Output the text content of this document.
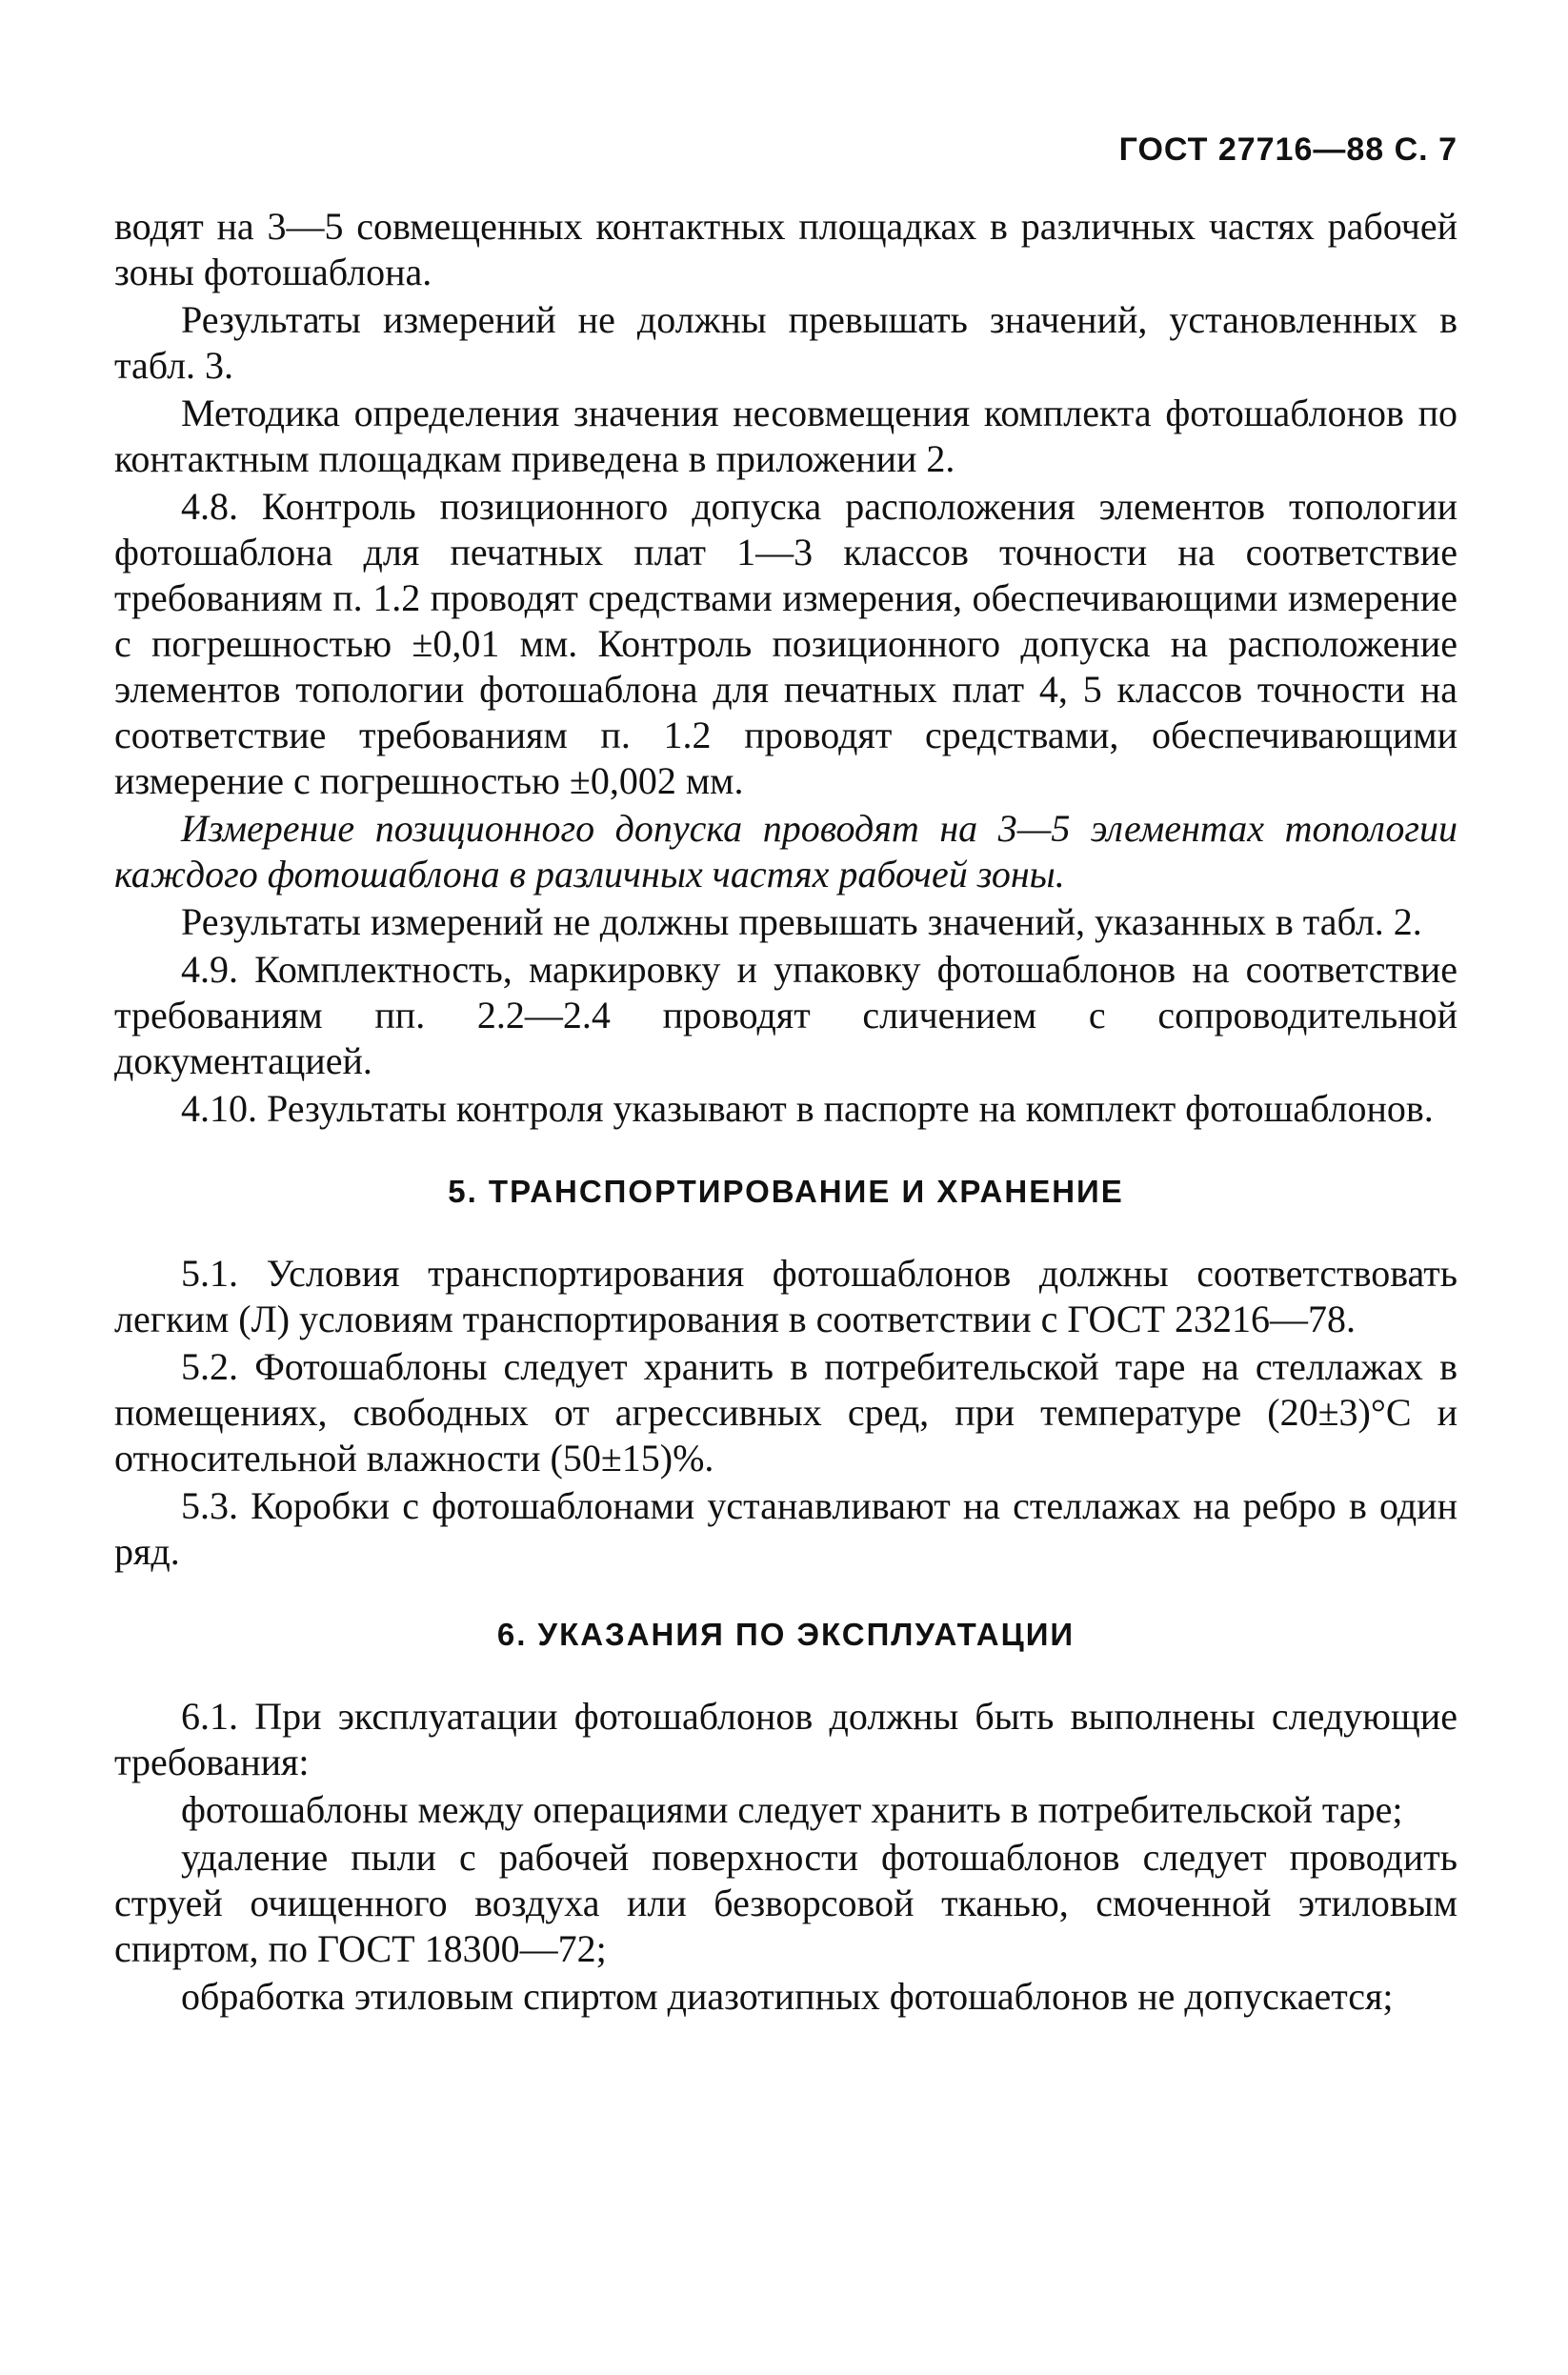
ГОСТ 27716—88 С. 7

водят на 3—5 совмещенных контактных площадках в различных частях рабочей зоны фотошаблона.

Результаты измерений не должны превышать значений, установленных в табл. 3.

Методика определения значения несовмещения комплекта фотошаблонов по контактным площадкам приведена в приложении 2.

4.8. Контроль позиционного допуска расположения элементов топологии фотошаблона для печатных плат 1—3 классов точности на соответствие требованиям п. 1.2 проводят средствами измерения, обеспечивающими измерение с погрешностью ±0,01 мм. Контроль позиционного допуска на расположение элементов топологии фотошаблона для печатных плат 4, 5 классов точности на соответствие требованиям п. 1.2 проводят средствами, обеспечивающими измерение с погрешностью ±0,002 мм.

Измерение позиционного допуска проводят на 3—5 элементах топологии каждого фотошаблона в различных частях рабочей зоны.

Результаты измерений не должны превышать значений, указанных в табл. 2.

4.9. Комплектность, маркировку и упаковку фотошаблонов на соответствие требованиям пп. 2.2—2.4 проводят сличением с сопроводительной документацией.

4.10. Результаты контроля указывают в паспорте на комплект фотошаблонов.

5. ТРАНСПОРТИРОВАНИЕ И ХРАНЕНИЕ

5.1. Условия транспортирования фотошаблонов должны соответствовать легким (Л) условиям транспортирования в соответствии с ГОСТ 23216—78.

5.2. Фотошаблоны следует хранить в потребительской таре на стеллажах в помещениях, свободных от агрессивных сред, при температуре (20±3)°С и относительной влажности (50±15)%.

5.3. Коробки с фотошаблонами устанавливают на стеллажах на ребро в один ряд.

6. УКАЗАНИЯ ПО ЭКСПЛУАТАЦИИ

6.1. При эксплуатации фотошаблонов должны быть выполнены следующие требования:

фотошаблоны между операциями следует хранить в потребительской таре;

удаление пыли с рабочей поверхности фотошаблонов следует проводить струей очищенного воздуха или безворсовой тканью, смоченной этиловым спиртом, по ГОСТ 18300—72;

обработка этиловым спиртом диазотипных фотошаблонов не допускается;
